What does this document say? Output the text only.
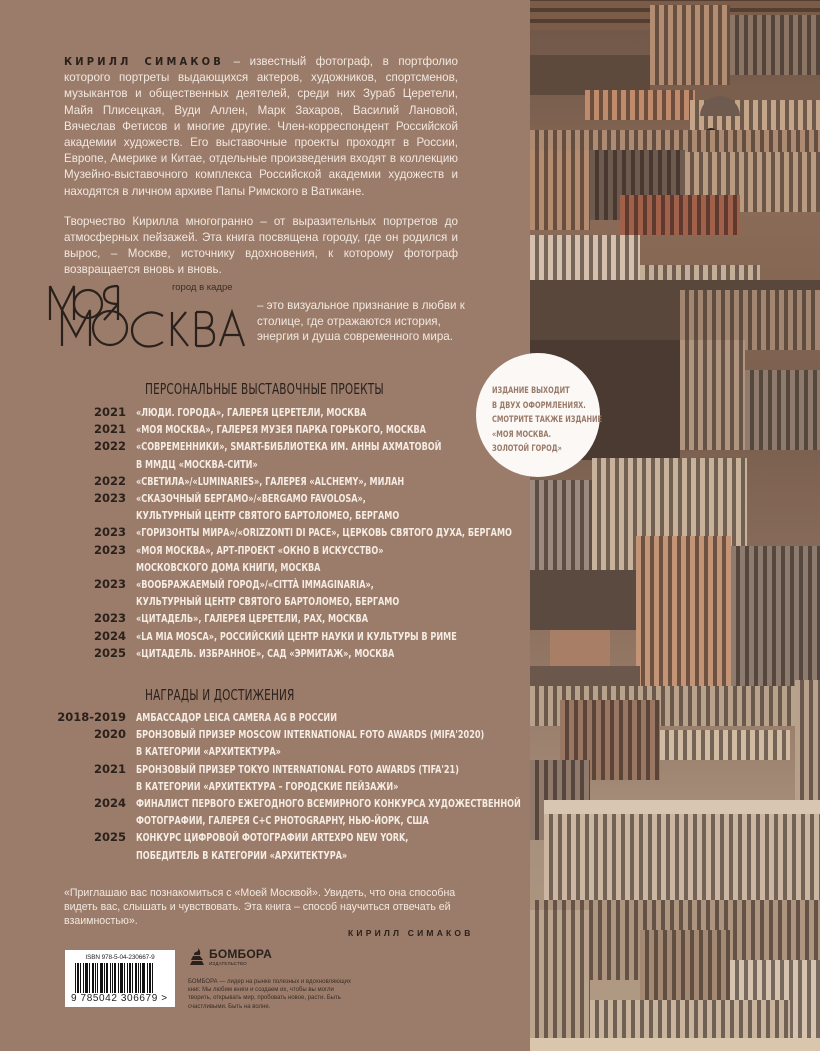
КИРИЛЛ СИМАКОВ – известный фотограф, в портфолио которого портреты выдающихся актеров, художников, спортсменов, музыкантов и общественных деятелей, среди них Зураб Церетели, Майя Плисецкая, Вуди Аллен, Марк Захаров, Василий Лановой, Вячеслав Фетисов и многие другие. Член-корреспондент Российской академии художеств. Его выставочные проекты проходят в России, Европе, Америке и Китае, отдельные произведения входят в коллекцию Музейно-выставочного комплекса Российской академии художеств и находятся в личном архиве Папы Римского в Ватикане.

Творчество Кирилла многогранно – от выразительных портретов до атмосферных пейзажей. Эта книга посвящена городу, где он родился и вырос, – Москве, источнику вдохновения, к которому фотограф возвращается вновь и вновь.

город в кадре
– это визуальное признание в любви к столице, где отражаются история, энергия и душа современного мира.
ПЕРСОНАЛЬНЫЕ ВЫСТАВОЧНЫЕ ПРОЕКТЫ
2021 «ЛЮДИ. ГОРОДА», ГАЛЕРЕЯ ЦЕРЕТЕЛИ, МОСКВА
2021 «МОЯ МОСКВА», ГАЛЕРЕЯ МУЗЕЯ ПАРКА ГОРЬКОГО, МОСКВА
2022 «СОВРЕМЕННИКИ», SMART-БИБЛИОТЕКА ИМ. АННЫ АХМАТОВОЙ
В ММДЦ «МОСКВА-СИТИ»
2022 «СВЕТИЛА»/«LUMINARIES», ГАЛЕРЕЯ «ALCHEMY», МИЛАН
2023 «СКАЗОЧНЫЙ БЕРГАМО»/«BERGAMO FAVOLOSA»,
КУЛЬТУРНЫЙ ЦЕНТР СВЯТОГО БАРТОЛОМЕО, БЕРГАМО
2023 «ГОРИЗОНТЫ МИРА»/«ORIZZONTI DI PACE», ЦЕРКОВЬ СВЯТОГО ДУХА, БЕРГАМО
2023 «МОЯ МОСКВА», АРТ-ПРОЕКТ «ОКНО В ИСКУССТВО»
МОСКОВСКОГО ДОМА КНИГИ, МОСКВА
2023 «ВООБРАЖАЕМЫЙ ГОРОД»/«CITTÀ IMMAGINARIA»,
КУЛЬТУРНЫЙ ЦЕНТР СВЯТОГО БАРТОЛОМЕО, БЕРГАМО
2023 «ЦИТАДЕЛЬ», ГАЛЕРЕЯ ЦЕРЕТЕЛИ, РАХ, МОСКВА
2024 «LA MIA MOSCA», РОССИЙСКИЙ ЦЕНТР НАУКИ И КУЛЬТУРЫ В РИМЕ
2025 «ЦИТАДЕЛЬ. ИЗБРАННОЕ», САД «ЭРМИТАЖ», МОСКВА
НАГРАДЫ И ДОСТИЖЕНИЯ
2018-2019 АМБАССАДОР LEICA CAMERA AG В РОССИИ
2020 БРОНЗОВЫЙ ПРИЗЕР MOSCOW INTERNATIONAL FOTO AWARDS (MIFA'2020)
В КАТЕГОРИИ «АРХИТЕКТУРА»
2021 БРОНЗОВЫЙ ПРИЗЕР TOKYO INTERNATIONAL FOTO AWARDS (TIFA'21)
В КАТЕГОРИИ «АРХИТЕКТУРА – ГОРОДСКИЕ ПЕЙЗАЖИ»
2024 ФИНАЛИСТ ПЕРВОГО ЕЖЕГОДНОГО ВСЕМИРНОГО КОНКУРСА ХУДОЖЕСТВЕННОЙ
ФОТОГРАФИИ, ГАЛЕРЕЯ C+C PHOTOGRAPHY, НЬЮ-ЙОРК, США
2025 КОНКУРС ЦИФРОВОЙ ФОТОГРАФИИ ARTEXPO NEW YORK,
ПОБЕДИТЕЛЬ В КАТЕГОРИИ «АРХИТЕКТУРА»
«Приглашаю вас познакомиться с «Моей Москвой». Увидеть, что она способна видеть вас, слышать и чувствовать. Эта книга – способ научиться отвечать ей взаимностью».
КИРИЛЛ СИМАКОВ
ISBN 978-5-04-230667-9
9 785042 306679 >
БОМБОРА
ИЗДАТЕЛЬСТВО
БОМБОРА — лидер на рынке полезных и вдохновляющих книг. Мы любим книги и создаем их, чтобы вы могли творить, открывать мир, пробовать новое, расти. Быть счастливыми. Быть на волне.
ИЗДАНИЕ ВЫХОДИТ
В ДВУХ ОФОРМЛЕНИЯХ.
СМОТРИТЕ ТАКЖЕ ИЗДАНИЕ
«МОЯ МОСКВА.
ЗОЛОТОЙ ГОРОД»
